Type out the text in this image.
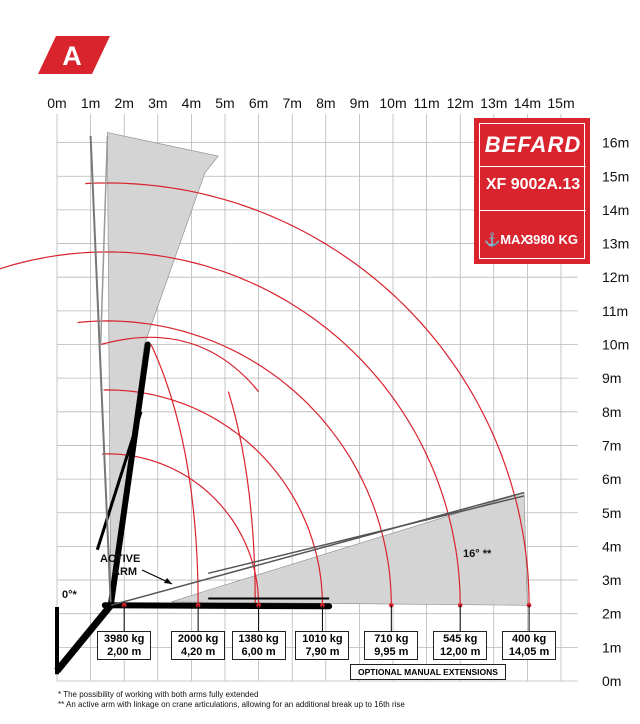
A
0m 1m 2m 3m 4m 5m 6m 7m 8m 9m 10m 11m 12m 13m 14m 15m
0m
1m
2m
3m
4m
5m
6m
7m
8m
9m
10m
11m
12m
13m
14m
15m
16m
ACTIVE
ARM
0°*
16° **
BEFARD
XF 9002A.13
⚓MAX
3980 KG
3980 kg
2,00 m
2000 kg
4,20 m
1380 kg
6,00 m
1010 kg
7,90 m
710 kg
9,95 m
545 kg
12,00 m
400 kg
14,05 m
OPTIONAL MANUAL EXTENSIONS
* The possibility of working with both arms fully extended
** An active arm with linkage on crane articulations, allowing for an additional break up to 16th rise
